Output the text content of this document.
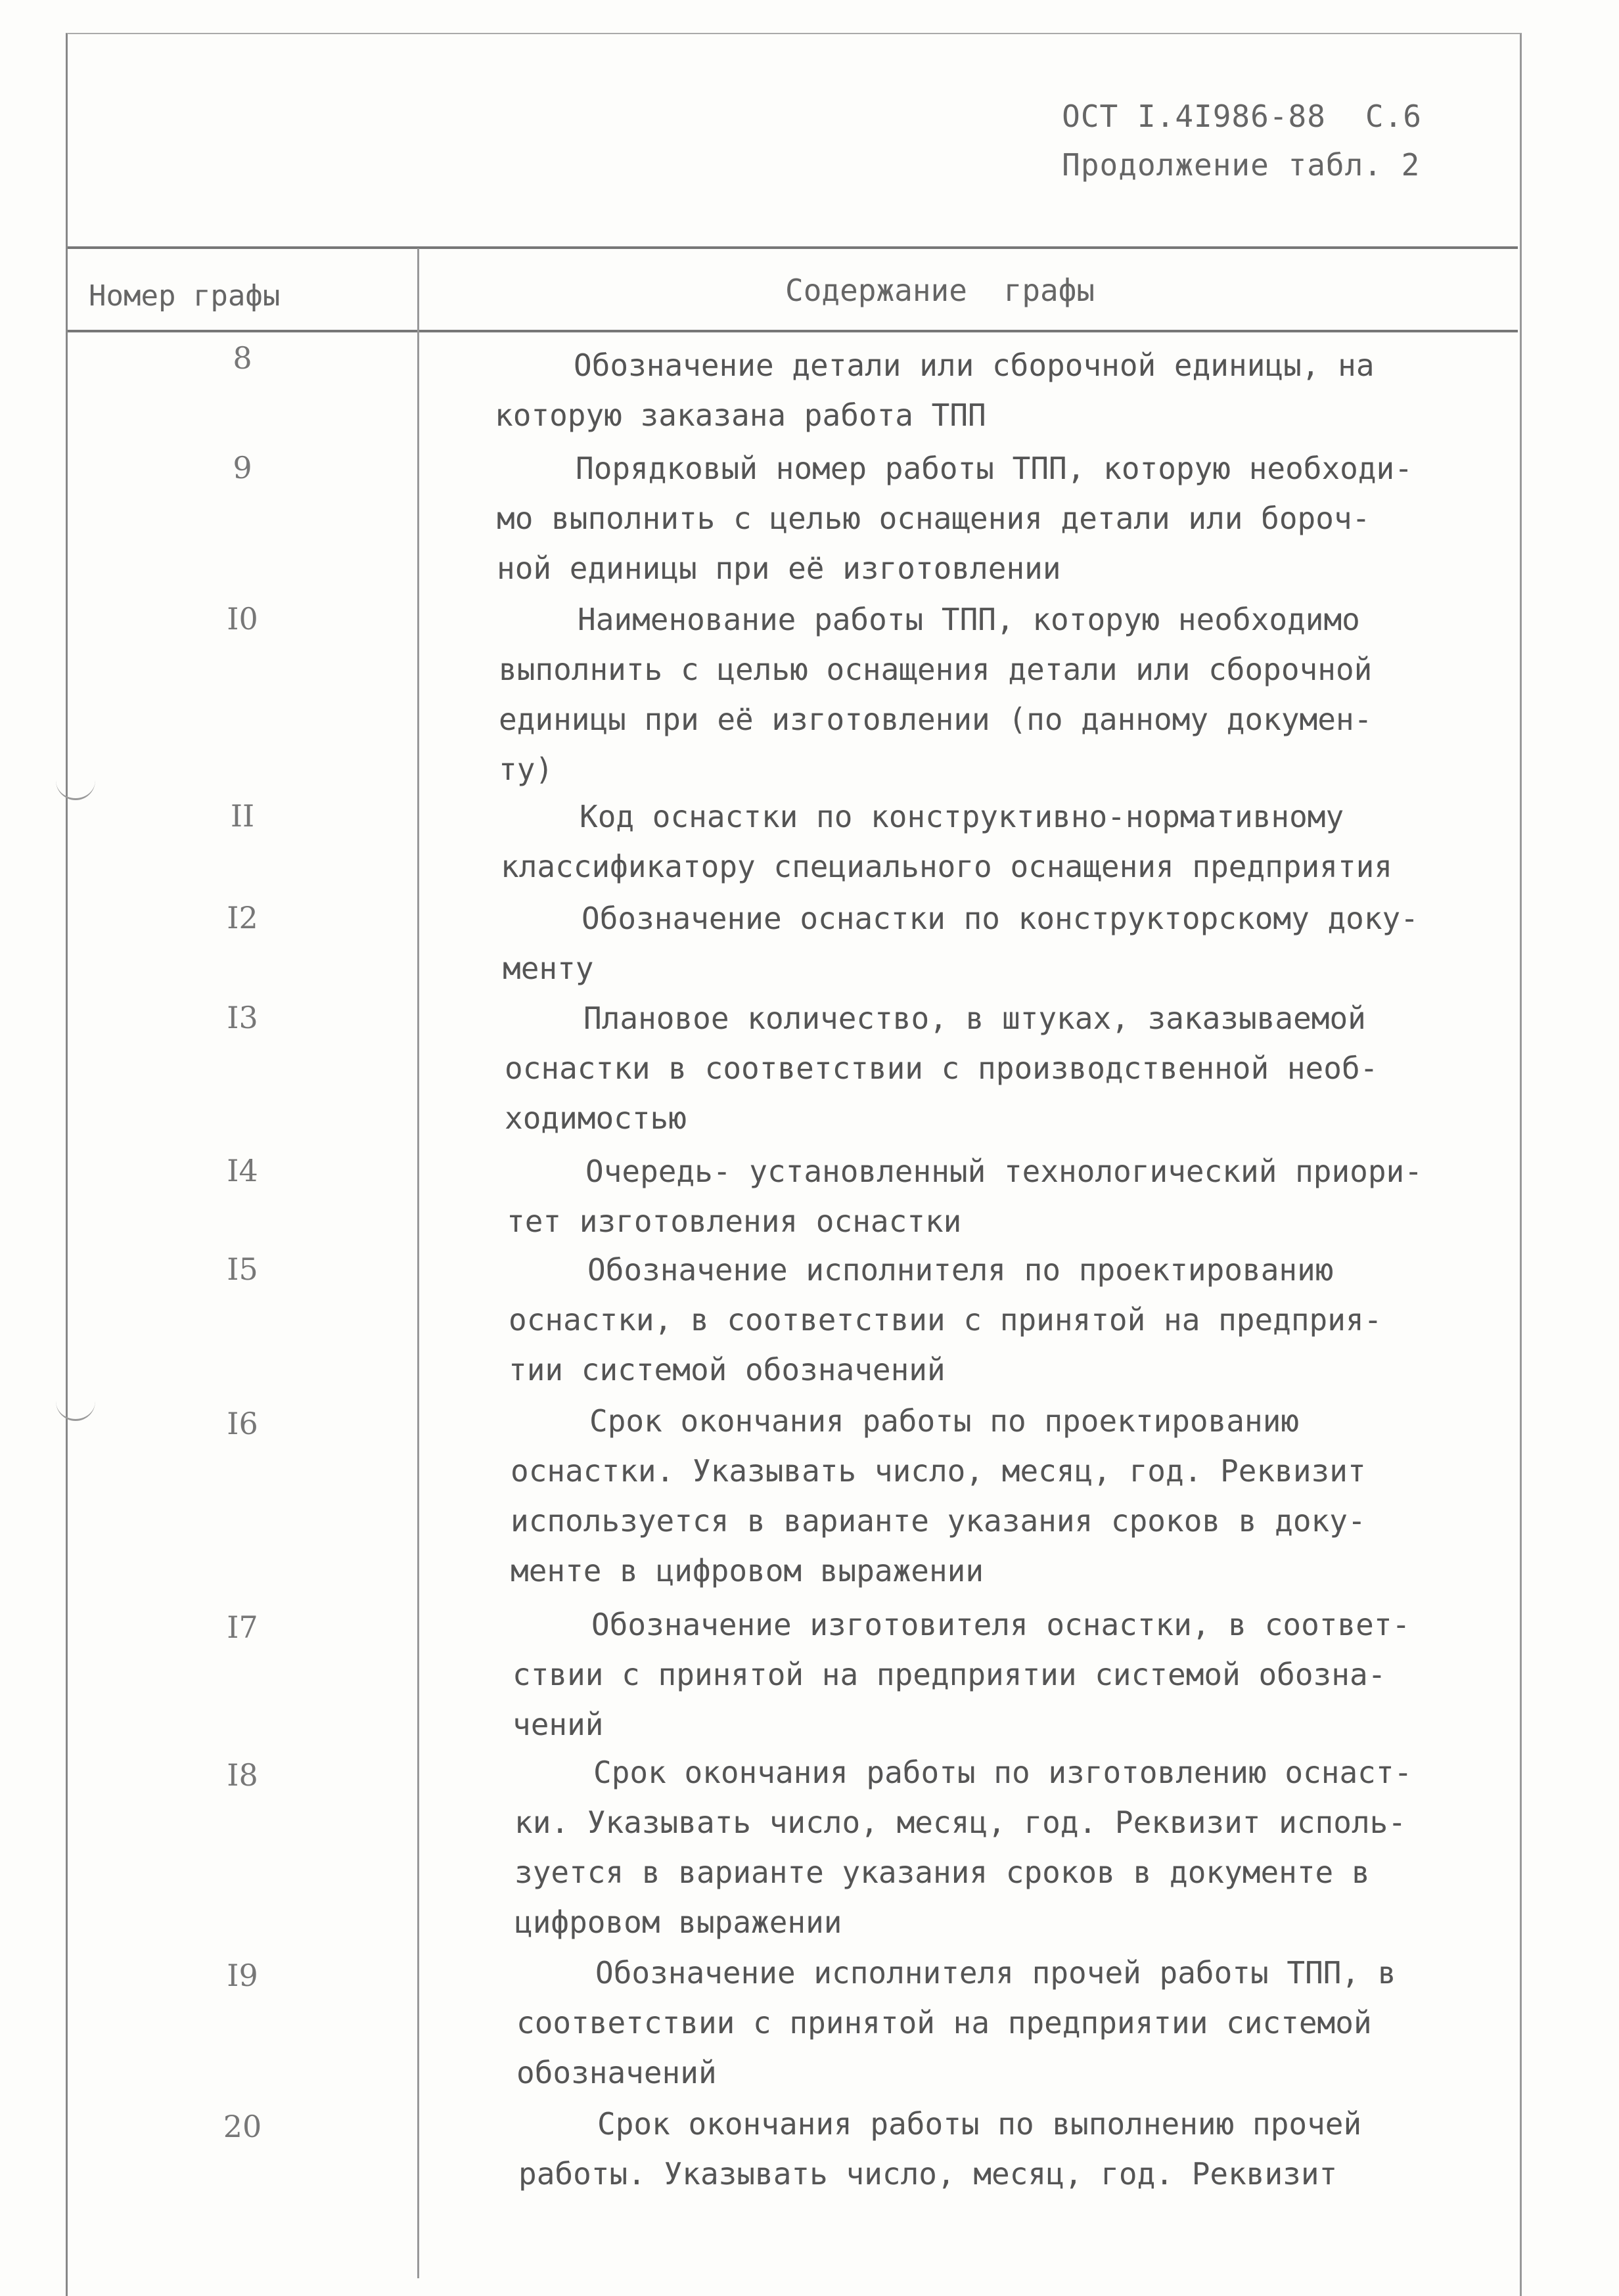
ОСТ I.4I986-88 С.6
Продолжение табл. 2
Номер графы	Содержание графы
8	Обозначение детали или сборочной единицы, на
которую заказана работа ТПП
9	Порядковый номер работы ТПП, которую необходи-
мо выполнить с целью оснащения детали или бороч-
ной единицы при её изготовлении
I0	Наименование работы ТПП, которую необходимо
выполнить с целью оснащения детали или сборочной
единицы при её изготовлении (по данному докумен-
ту)
II	Код оснастки по конструктивно-нормативному
классификатору специального оснащения предприятия
I2	Обозначение оснастки по конструкторскому доку-
менту
I3	Плановое количество, в штуках, заказываемой
оснастки в соответствии с производственной необ-
ходимостью
I4	Очередь- установленный технологический приори-
тет изготовления оснастки
I5	Обозначение исполнителя по проектированию
оснастки, в соответствии с принятой на предприя-
тии системой обозначений
I6	Срок окончания работы по проектированию
оснастки. Указывать число, месяц, год. Реквизит
используется в варианте указания сроков в доку-
менте в цифровом выражении
I7	Обозначение изготовителя оснастки, в соответ-
ствии с принятой на предприятии системой обозна-
чений
I8	Срок окончания работы по изготовлению оснаст-
ки. Указывать число, месяц, год. Реквизит исполь-
зуется в варианте указания сроков в документе в
цифровом выражении
I9	Обозначение исполнителя прочей работы ТПП, в
соответствии с принятой на предприятии системой
обозначений
20	Срок окончания работы по выполнению прочей
работы. Указывать число, месяц, год. Реквизит
